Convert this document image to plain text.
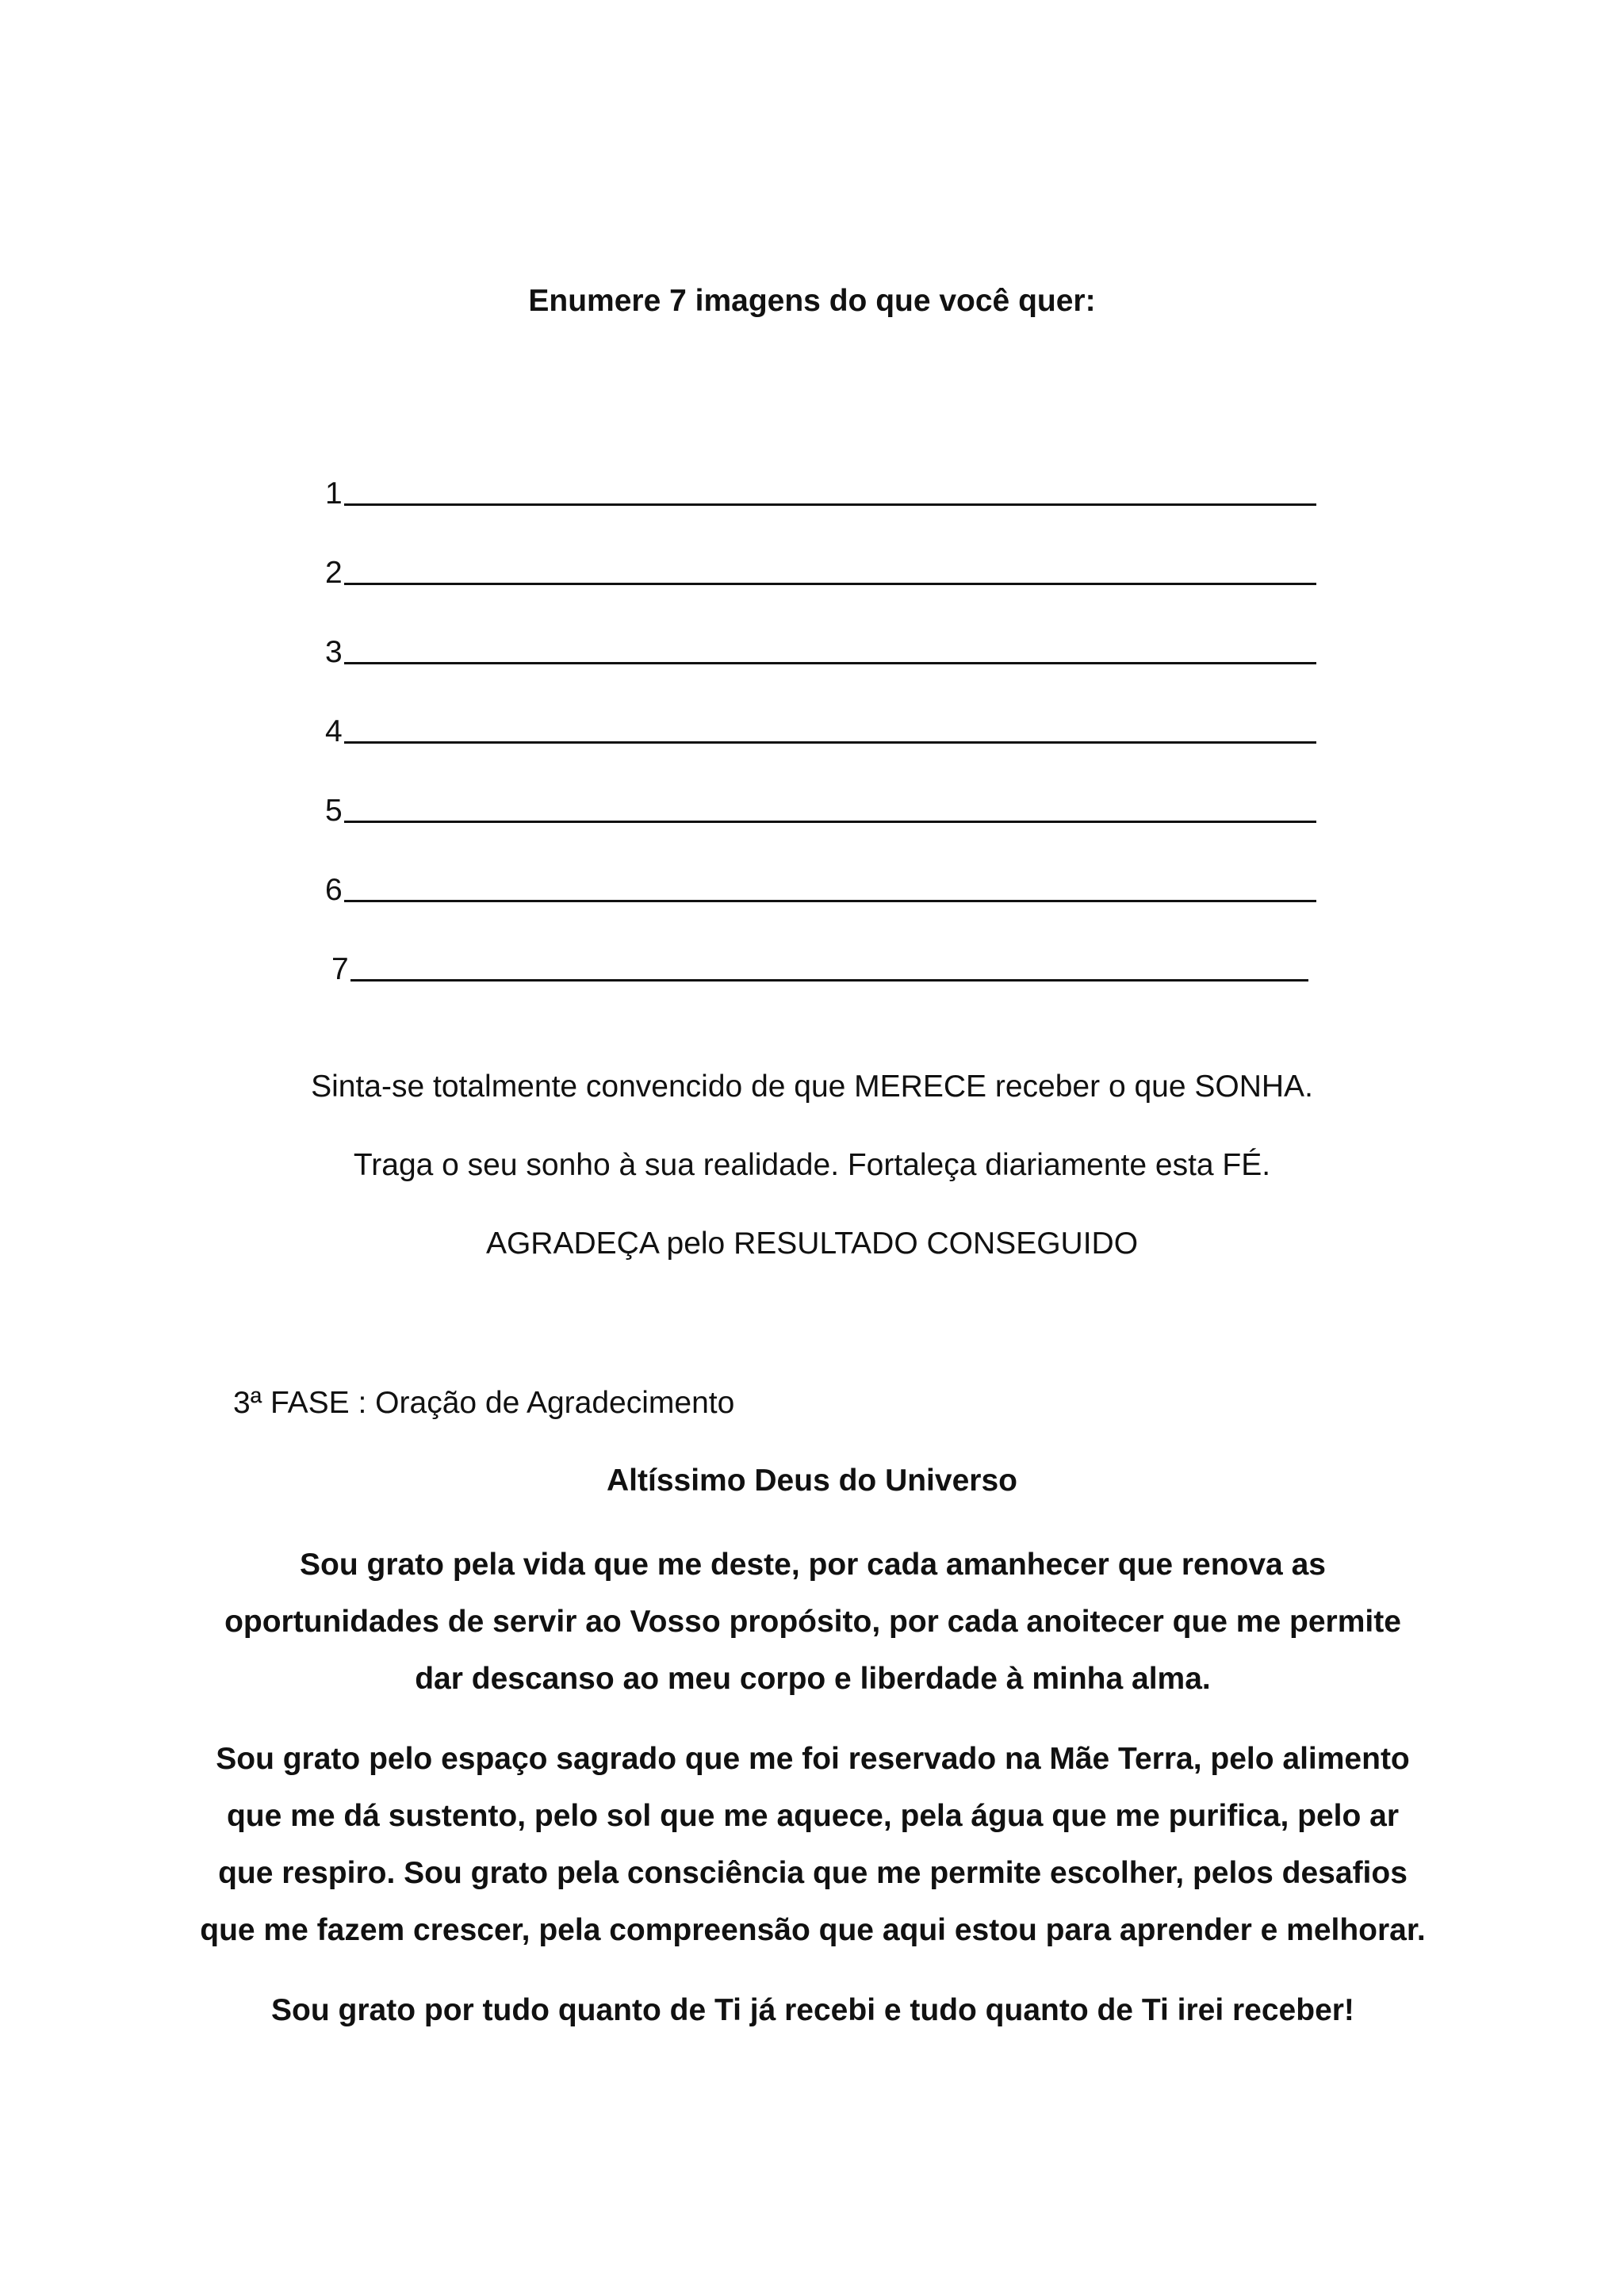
Enumere 7 imagens do que você quer:
1
2
3
4
5
6
7
Sinta-se totalmente convencido de que MERECE receber o que SONHA.
Traga o seu sonho à sua realidade. Fortaleça diariamente esta FÉ.
AGRADEÇA pelo RESULTADO CONSEGUIDO
3ª FASE : Oração de Agradecimento
Altíssimo Deus do Universo
Sou grato pela vida que me deste, por cada amanhecer que renova as oportunidades de servir ao Vosso propósito, por cada anoitecer que me permite dar descanso ao meu corpo e liberdade à minha alma.
Sou grato pelo espaço sagrado que me foi reservado na Mãe Terra, pelo alimento que me dá sustento, pelo sol que me aquece, pela água que me purifica, pelo ar que respiro. Sou grato pela consciência que me permite escolher, pelos desafios que me fazem crescer, pela compreensão que aqui estou para aprender e melhorar.
Sou grato por tudo quanto de Ti já recebi e tudo quanto de Ti irei receber!
